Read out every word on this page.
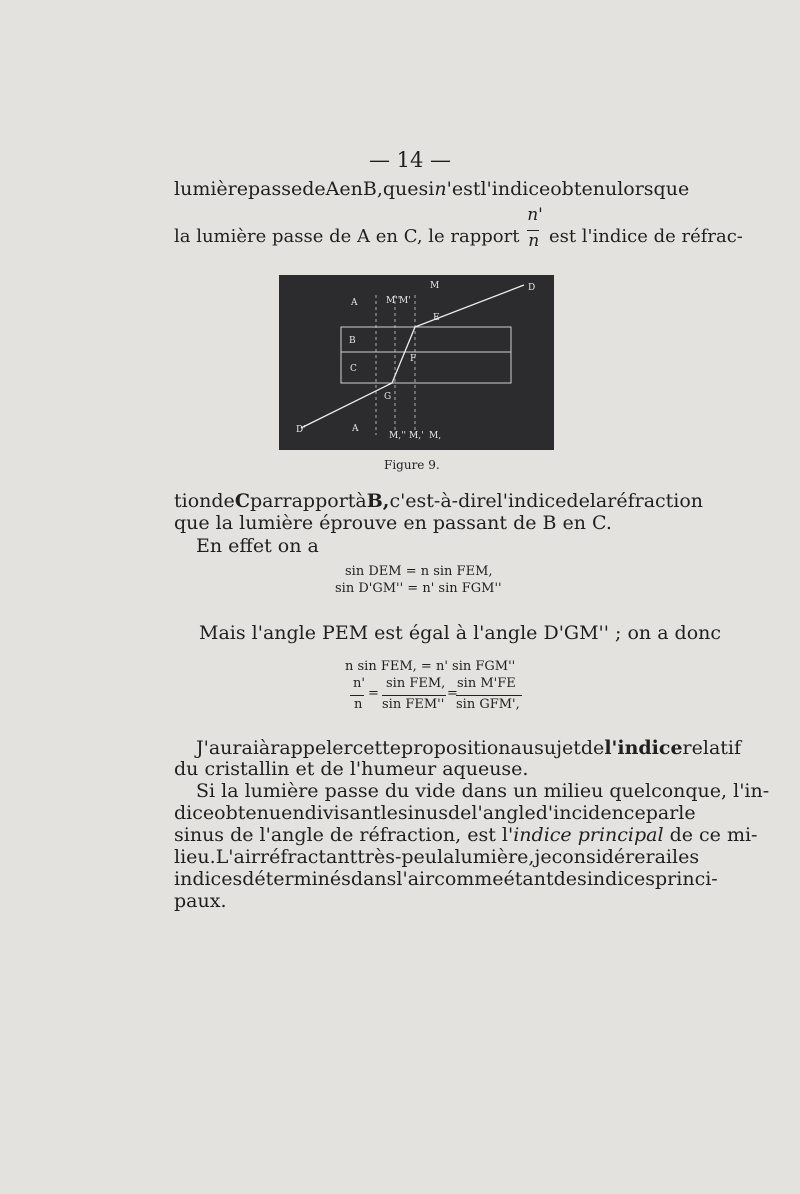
— 14 —
lumière passe de A en B, que si n' est l'indice obtenu lorsque
la lumière passe de A en C, le rapport $\frac{n'}{n}$ est l'indice de réfrac-
A	M''
M'
M	D
E
B
F
C
G
D'	A
M,'' M,' M,
Figure 9.
tion de C par rapport à B, c'est-à-dire l'indice de la réfraction
que la lumière éprouve en passant de B en C.
En effet on a
sin DEM = n sin FEM,
sin D'GM'' = n' sin FGM''
Mais l'angle PEM est égal à l'angle D'GM'' ; on a donc
n sin FEM, = n' sin FGM''
n'
n
=
sin FEM,
sin FEM''
=
sin M'FE
sin GFM',
J'aurai à rappeler cette proposition au sujet de l'indice relatif
du cristallin et de l'humeur aqueuse.
Si la lumière passe du vide dans un milieu quelconque, l'in-
dice obtenu en divisant le sinus de l'angle d'incidence par le
sinus de l'angle de réfraction, est l'indice principal de ce mi-
lieu. L'air réfractant très-peu la lumière, je considérerai les
indices déterminés dans l'air comme étant des indices princi-
paux.
